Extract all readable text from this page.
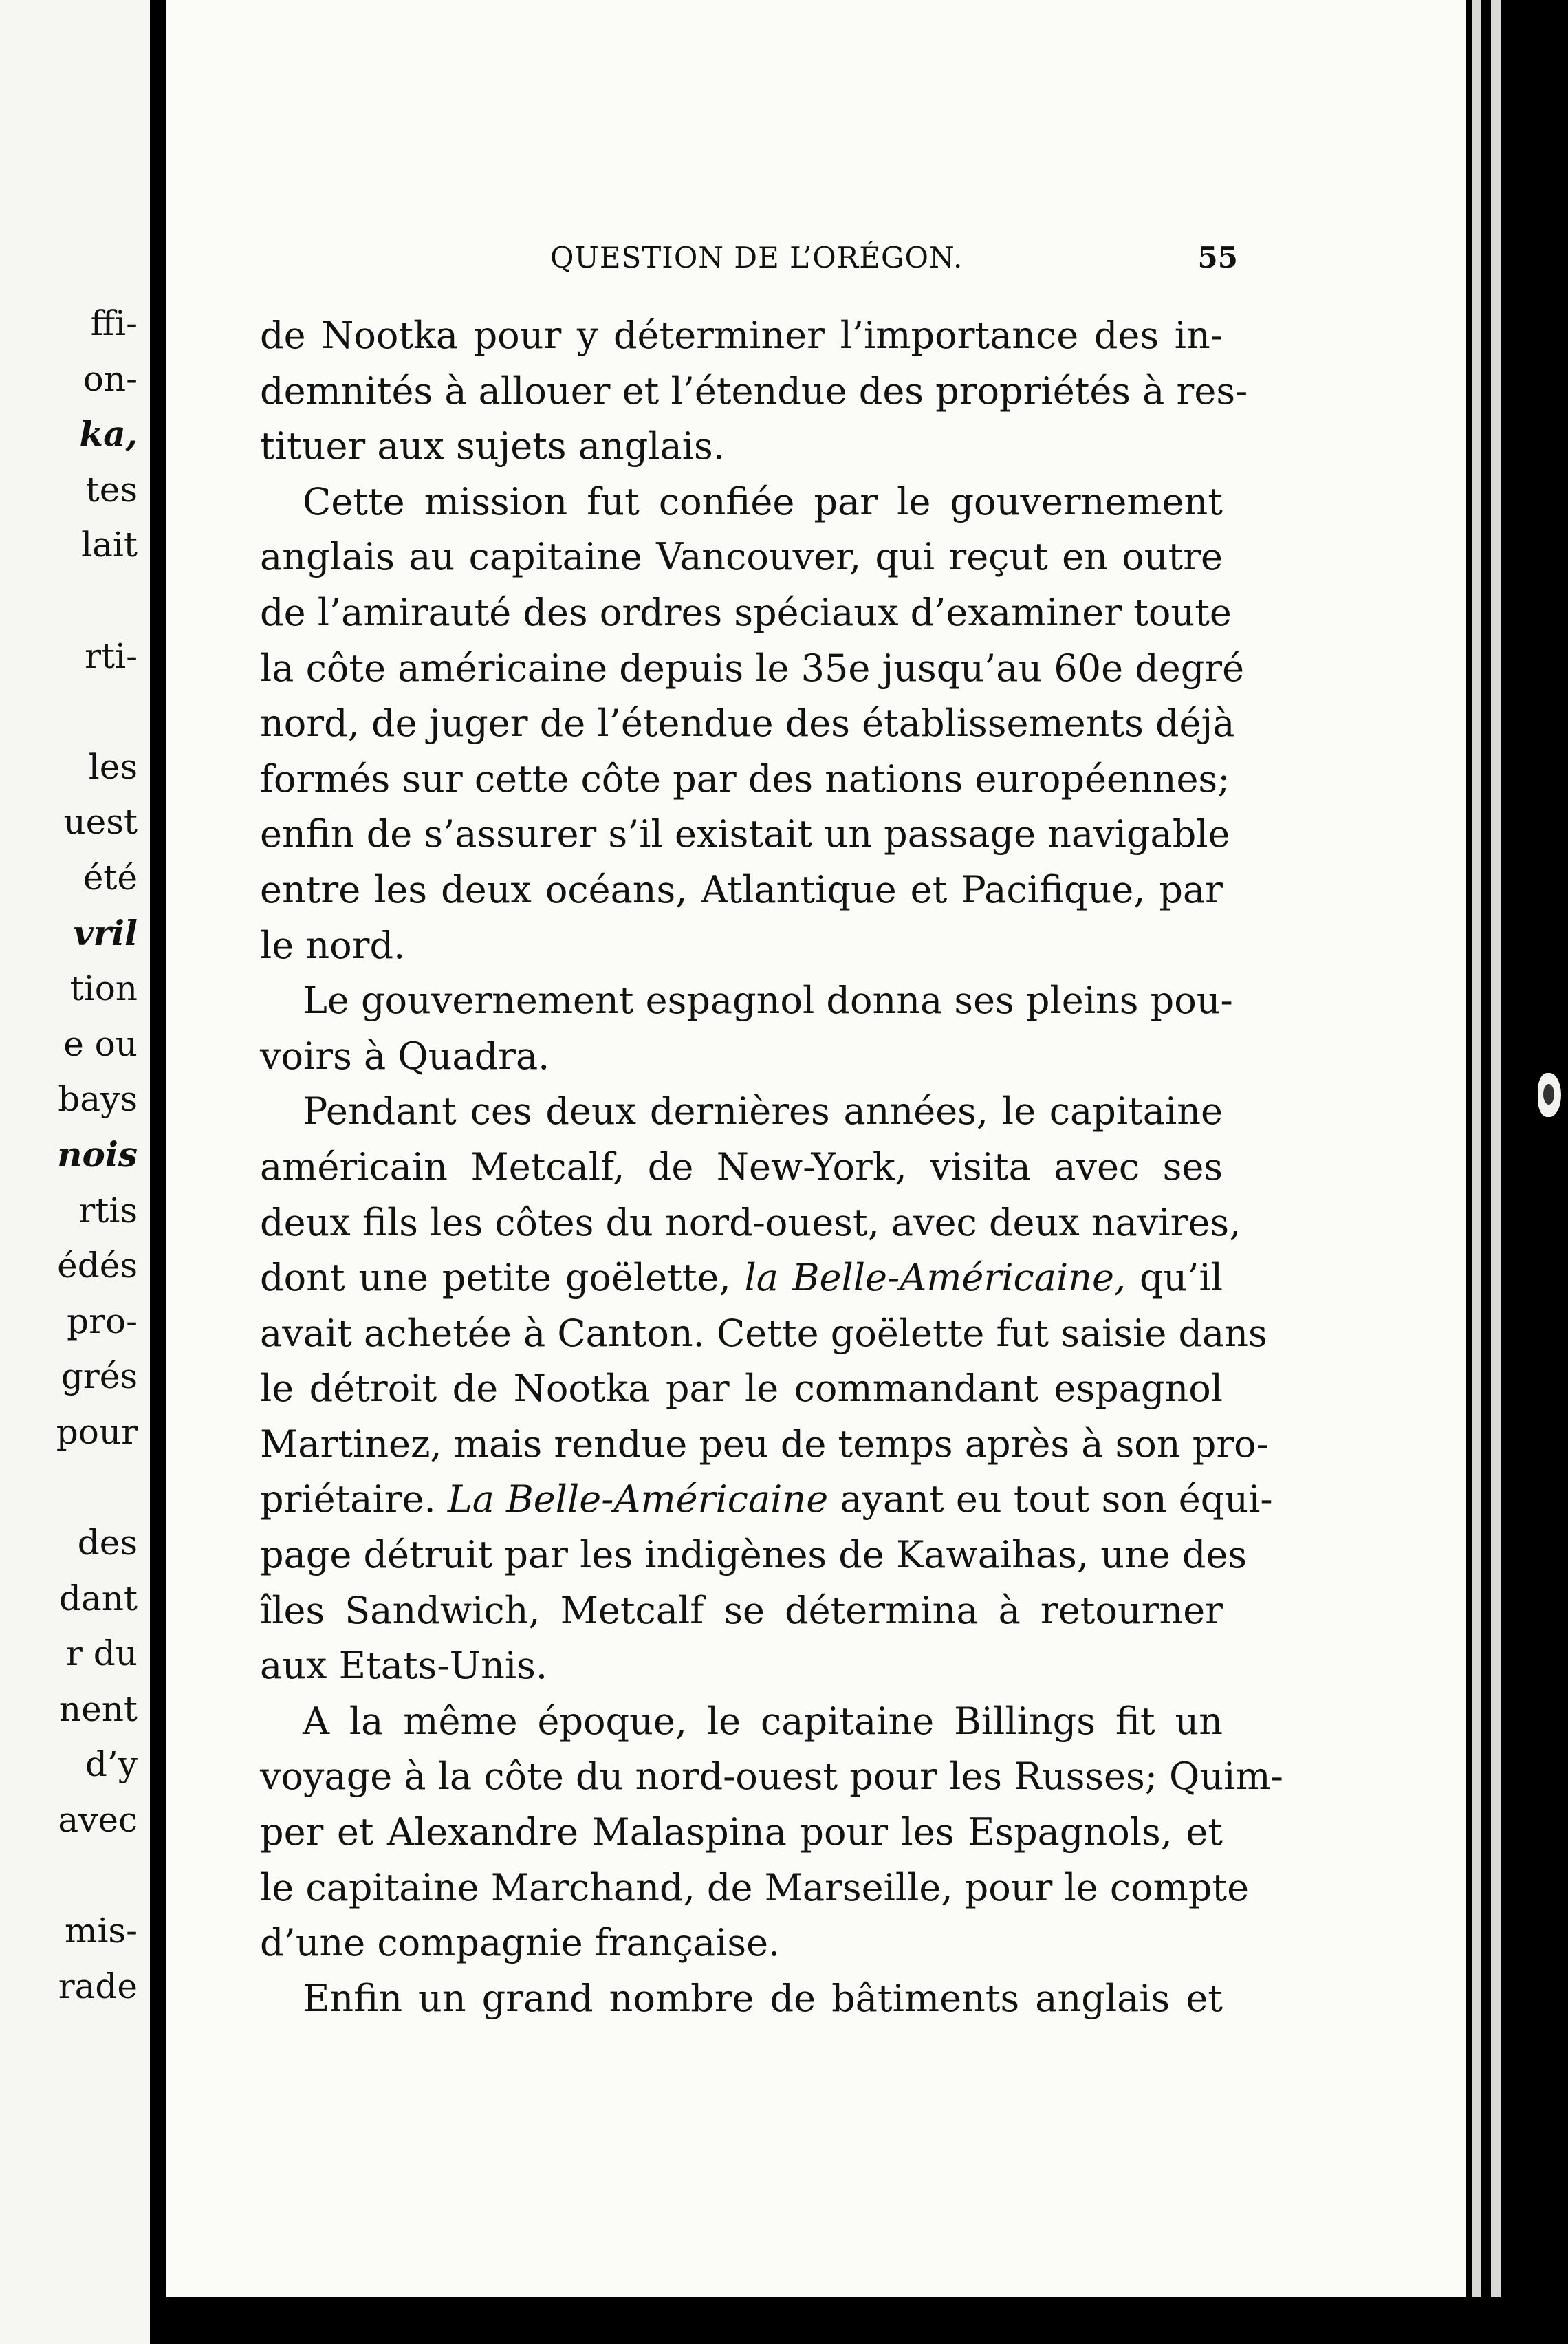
ffi-
on-
ka,
tes
lait
rti-
les
uest
été
vril
tion
e ou
bays
nois
rtis
édés
pro-
grés
pour
des
dant
r du
nent
d’y
avec
mis-
rade
QUESTION DE L’ORÉGON.	55
de Nootka pour y déterminer l’importance des in-
demnités à allouer et l’étendue des propriétés à res-
tituer aux sujets anglais.
Cette mission fut confiée par le gouvernement
anglais au capitaine Vancouver, qui reçut en outre
de l’amirauté des ordres spéciaux d’examiner toute
la côte américaine depuis le 35e jusqu’au 60e degré
nord, de juger de l’étendue des établissements déjà
formés sur cette côte par des nations européennes;
enfin de s’assurer s’il existait un passage navigable
entre les deux océans, Atlantique et Pacifique, par
le nord.
Le gouvernement espagnol donna ses pleins pou-
voirs à Quadra.
Pendant ces deux dernières années, le capitaine
américain Metcalf, de New-York, visita avec ses
deux fils les côtes du nord-ouest, avec deux navires,
dont une petite goëlette, la Belle-Américaine, qu’il
avait achetée à Canton. Cette goëlette fut saisie dans
le détroit de Nootka par le commandant espagnol
Martinez, mais rendue peu de temps après à son pro-
priétaire. La Belle-Américaine ayant eu tout son équi-
page détruit par les indigènes de Kawaihas, une des
îles Sandwich, Metcalf se détermina à retourner
aux Etats-Unis.
A la même époque, le capitaine Billings fit un
voyage à la côte du nord-ouest pour les Russes; Quim-
per et Alexandre Malaspina pour les Espagnols, et
le capitaine Marchand, de Marseille, pour le compte
d’une compagnie française.
Enfin un grand nombre de bâtiments anglais et
